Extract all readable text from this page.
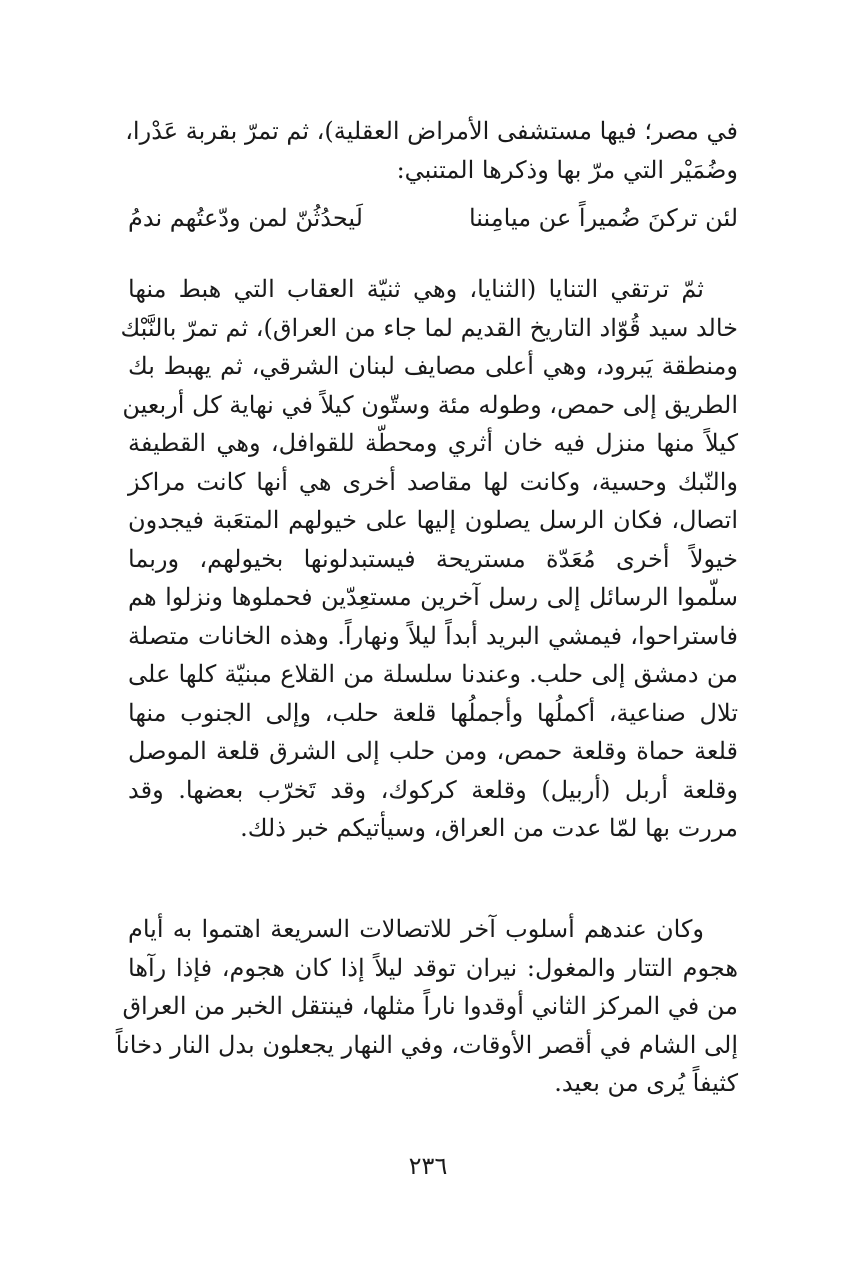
في مصر؛ فيها مستشفى الأمراض العقلية)، ثم تمرّ بقربة عَدْرا،
وضُمَيْر التي مرّ بها وذكرها المتنبي:
لئن تركنَ ضُميراً عن ميامِننا
لَيحدُثُنّ لمن ودّعتُهم ندمُ
ثمّ ترتقي التنايا (الثنايا، وهي ثنيّة العقاب التي هبط منها
خالد سيد قُوّاد التاريخ القديم لما جاء من العراق)، ثم تمرّ بالنَّبْك
ومنطقة يَبرود، وهي أعلى مصايف لبنان الشرقي، ثم يهبط بك
الطريق إلى حمص، وطوله مئة وستّون كيلاً في نهاية كل أربعين
كيلاً منها منزل فيه خان أثري ومحطّة للقوافل، وهي القطيفة
والنّبك وحسية، وكانت لها مقاصد أخرى هي أنها كانت مراكز
اتصال، فكان الرسل يصلون إليها على خيولهم المتعَبة فيجدون
خيولاً أخرى مُعَدّة مستريحة فيستبدلونها بخيولهم، وربما
سلّموا الرسائل إلى رسل آخرين مستعِدّين فحملوها ونزلوا هم
فاستراحوا، فيمشي البريد أبداً ليلاً ونهاراً. وهذه الخانات متصلة
من دمشق إلى حلب. وعندنا سلسلة من القلاع مبنيّة كلها على
تلال صناعية، أكملُها وأجملُها قلعة حلب، وإلى الجنوب منها
قلعة حماة وقلعة حمص، ومن حلب إلى الشرق قلعة الموصل
وقلعة أربل (أربيل) وقلعة كركوك، وقد تَخرّب بعضها. وقد
مررت بها لمّا عدت من العراق، وسيأتيكم خبر ذلك.
وكان عندهم أسلوب آخر للاتصالات السريعة اهتموا به أيام
هجوم التتار والمغول: نيران توقد ليلاً إذا كان هجوم، فإذا رآها
من في المركز الثاني أوقدوا ناراً مثلها، فينتقل الخبر من العراق
إلى الشام في أقصر الأوقات، وفي النهار يجعلون بدل النار دخاناً
كثيفاً يُرى من بعيد.
٢٣٦
